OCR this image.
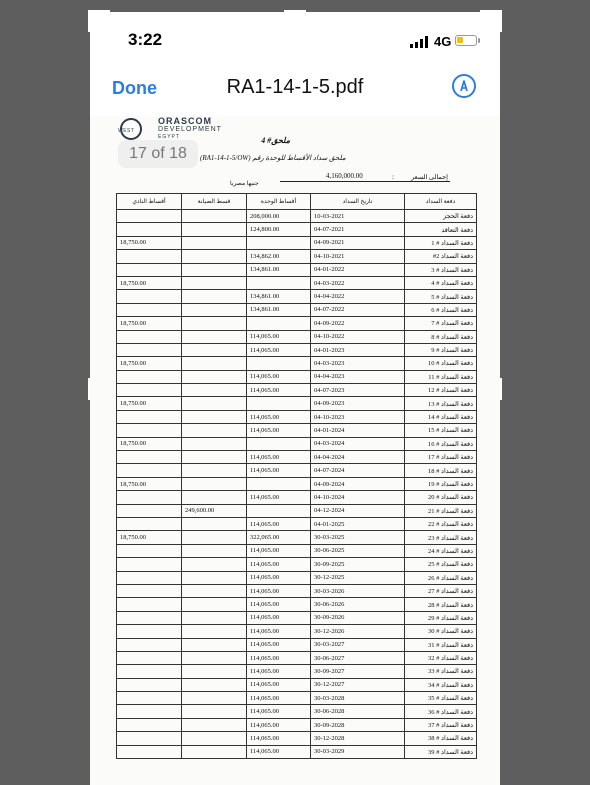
3:22	4G
Done	RA1-14-1-5.pdf
WEST
ORASCOM
DEVELOPMENT
EGYPT	ملحق# 4
ملحق سداد الأقساط للوحدة رقم (RA1-14-1-5/OW)
إجمالى السعر
:
4,160,000.00
جنيها مصريا
أقساط النادي	قسط الصيانة	أقساط الوحدة	تاريخ السداد	دفعة السداد
		208,000.00	10-03-2021	دفعة الحجز
		124,800.00	04-07-2021	دفعة التعاقد
18,750.00			04-09-2021	دفعة السداد # 1
		134,862.00	04-10-2021	دفعة السداد 2#
		134,861.00	04-01-2022	دفعة السداد # 3
18,750.00			04-03-2022	دفعة السداد # 4
		134,861.00	04-04-2022	دفعة السداد # 5
		134,861.00	04-07-2022	دفعة السداد # 6
18,750.00			04-09-2022	دفعة السداد # 7
		114,065.00	04-10-2022	دفعة السداد # 8
		114,065.00	04-01-2023	دفعة السداد # 9
18,750.00			04-03-2023	دفعة السداد # 10
		114,065.00	04-04-2023	دفعة السداد # 11
		114,065.00	04-07-2023	دفعة السداد # 12
18,750.00			04-09-2023	دفعة السداد # 13
		114,065.00	04-10-2023	دفعة السداد # 14
		114,065.00	04-01-2024	دفعة السداد # 15
18,750.00			04-03-2024	دفعة السداد # 16
		114,065.00	04-04-2024	دفعة السداد # 17
		114,065.00	04-07-2024	دفعة السداد # 18
18,750.00			04-09-2024	دفعة السداد # 19
		114,065.00	04-10-2024	دفعة السداد # 20
	249,600.00		04-12-2024	دفعة السداد # 21
		114,065.00	04-01-2025	دفعة السداد # 22
18,750.00		322,065.00	30-03-2025	دفعة السداد # 23
		114,065.00	30-06-2025	دفعة السداد # 24
		114,065.00	30-09-2025	دفعة السداد # 25
		114,065.00	30-12-2025	دفعة السداد # 26
		114,065.00	30-03-2026	دفعة السداد # 27
		114,065.00	30-06-2026	دفعة السداد # 28
		114,065.00	30-09-2026	دفعة السداد # 29
		114,065.00	30-12-2026	دفعة السداد # 30
		114,065.00	30-03-2027	دفعة السداد # 31
		114,065.00	30-06-2027	دفعة السداد # 32
		114,065.00	30-09-2027	دفعة السداد # 33
		114,065.00	30-12-2027	دفعة السداد # 34
		114,065.00	30-03-2028	دفعة السداد # 35
		114,065.00	30-06-2028	دفعة السداد # 36
		114,065.00	30-09-2028	دفعة السداد # 37
		114,065.00	30-12-2028	دفعة السداد # 38
		114,065.00	30-03-2029	دفعة السداد # 39
17 of 18
